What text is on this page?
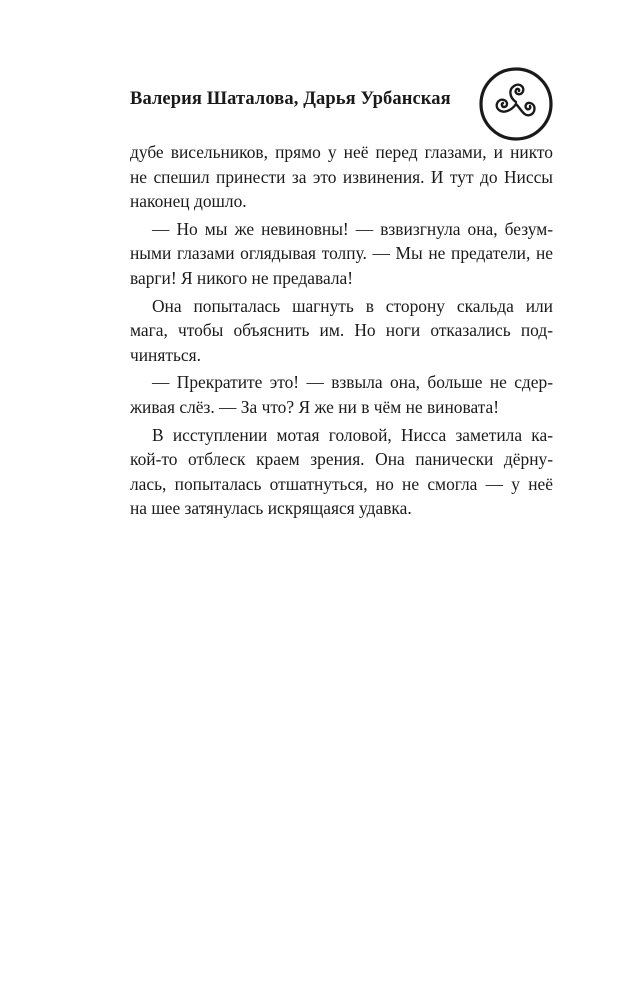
Валерия Шаталова, Дарья Урбанская

дубе висельников, прямо у неё перед глазами, и никто
не спешил принести за это извинения. И тут до Ниссы
наконец дошло.

— Но мы же невиновны! — взвизгнула она, безум-
ными глазами оглядывая толпу. — Мы не предатели, не
варги! Я никого не предавала!

Она попыталась шагнуть в сторону скальда или
мага, чтобы объяснить им. Но ноги отказались под-
чиняться.

— Прекратите это! — взвыла она, больше не сдер-
живая слёз. — За что? Я же ни в чём не виновата!

В исступлении мотая головой, Нисса заметила ка-
кой-то отблеск краем зрения. Она панически дёрну-
лась, попыталась отшатнуться, но не смогла — у неё
на шее затянулась искрящаяся удавка.
